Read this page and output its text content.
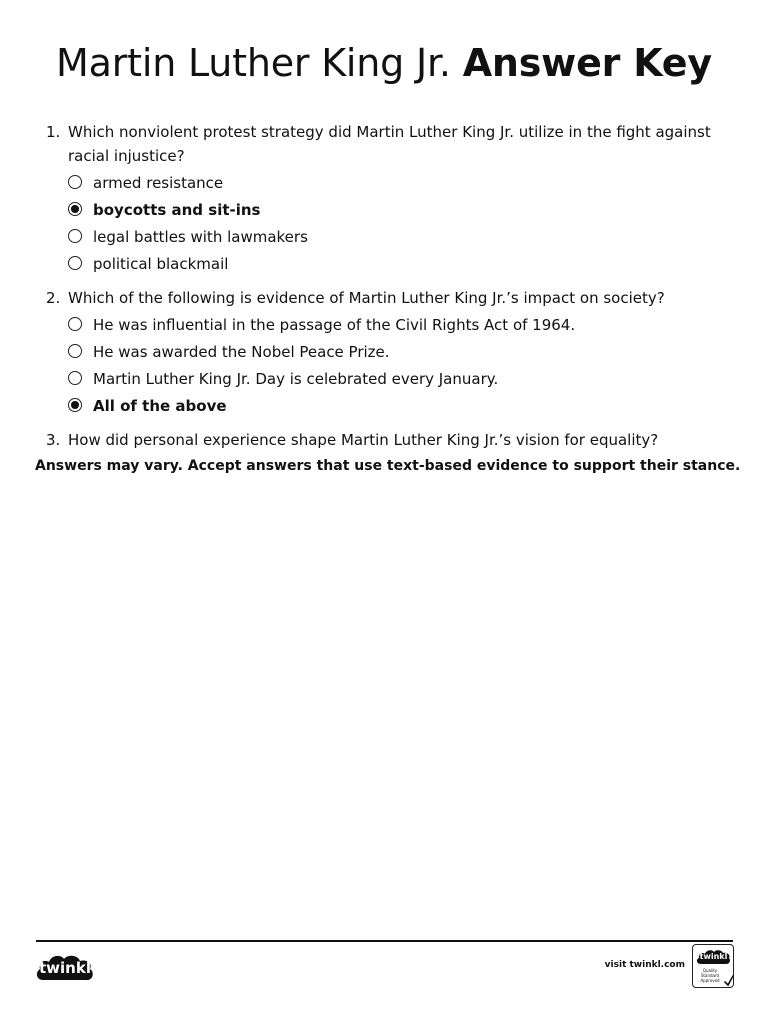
Martin Luther King Jr. Answer Key
1. Which nonviolent protest strategy did Martin Luther King Jr. utilize in the fight against racial injustice?
armed resistance
boycotts and sit-ins
legal battles with lawmakers
political blackmail
2. Which of the following is evidence of Martin Luther King Jr.’s impact on society?
He was influential in the passage of the Civil Rights Act of 1964.
He was awarded the Nobel Peace Prize.
Martin Luther King Jr. Day is celebrated every January.
All of the above
3. How did personal experience shape Martin Luther King Jr.’s vision for equality?
Answers may vary. Accept answers that use text-based evidence to support their stance.
twinkl	visit twinkl.com
twinkl
Quality Standard
Approved
